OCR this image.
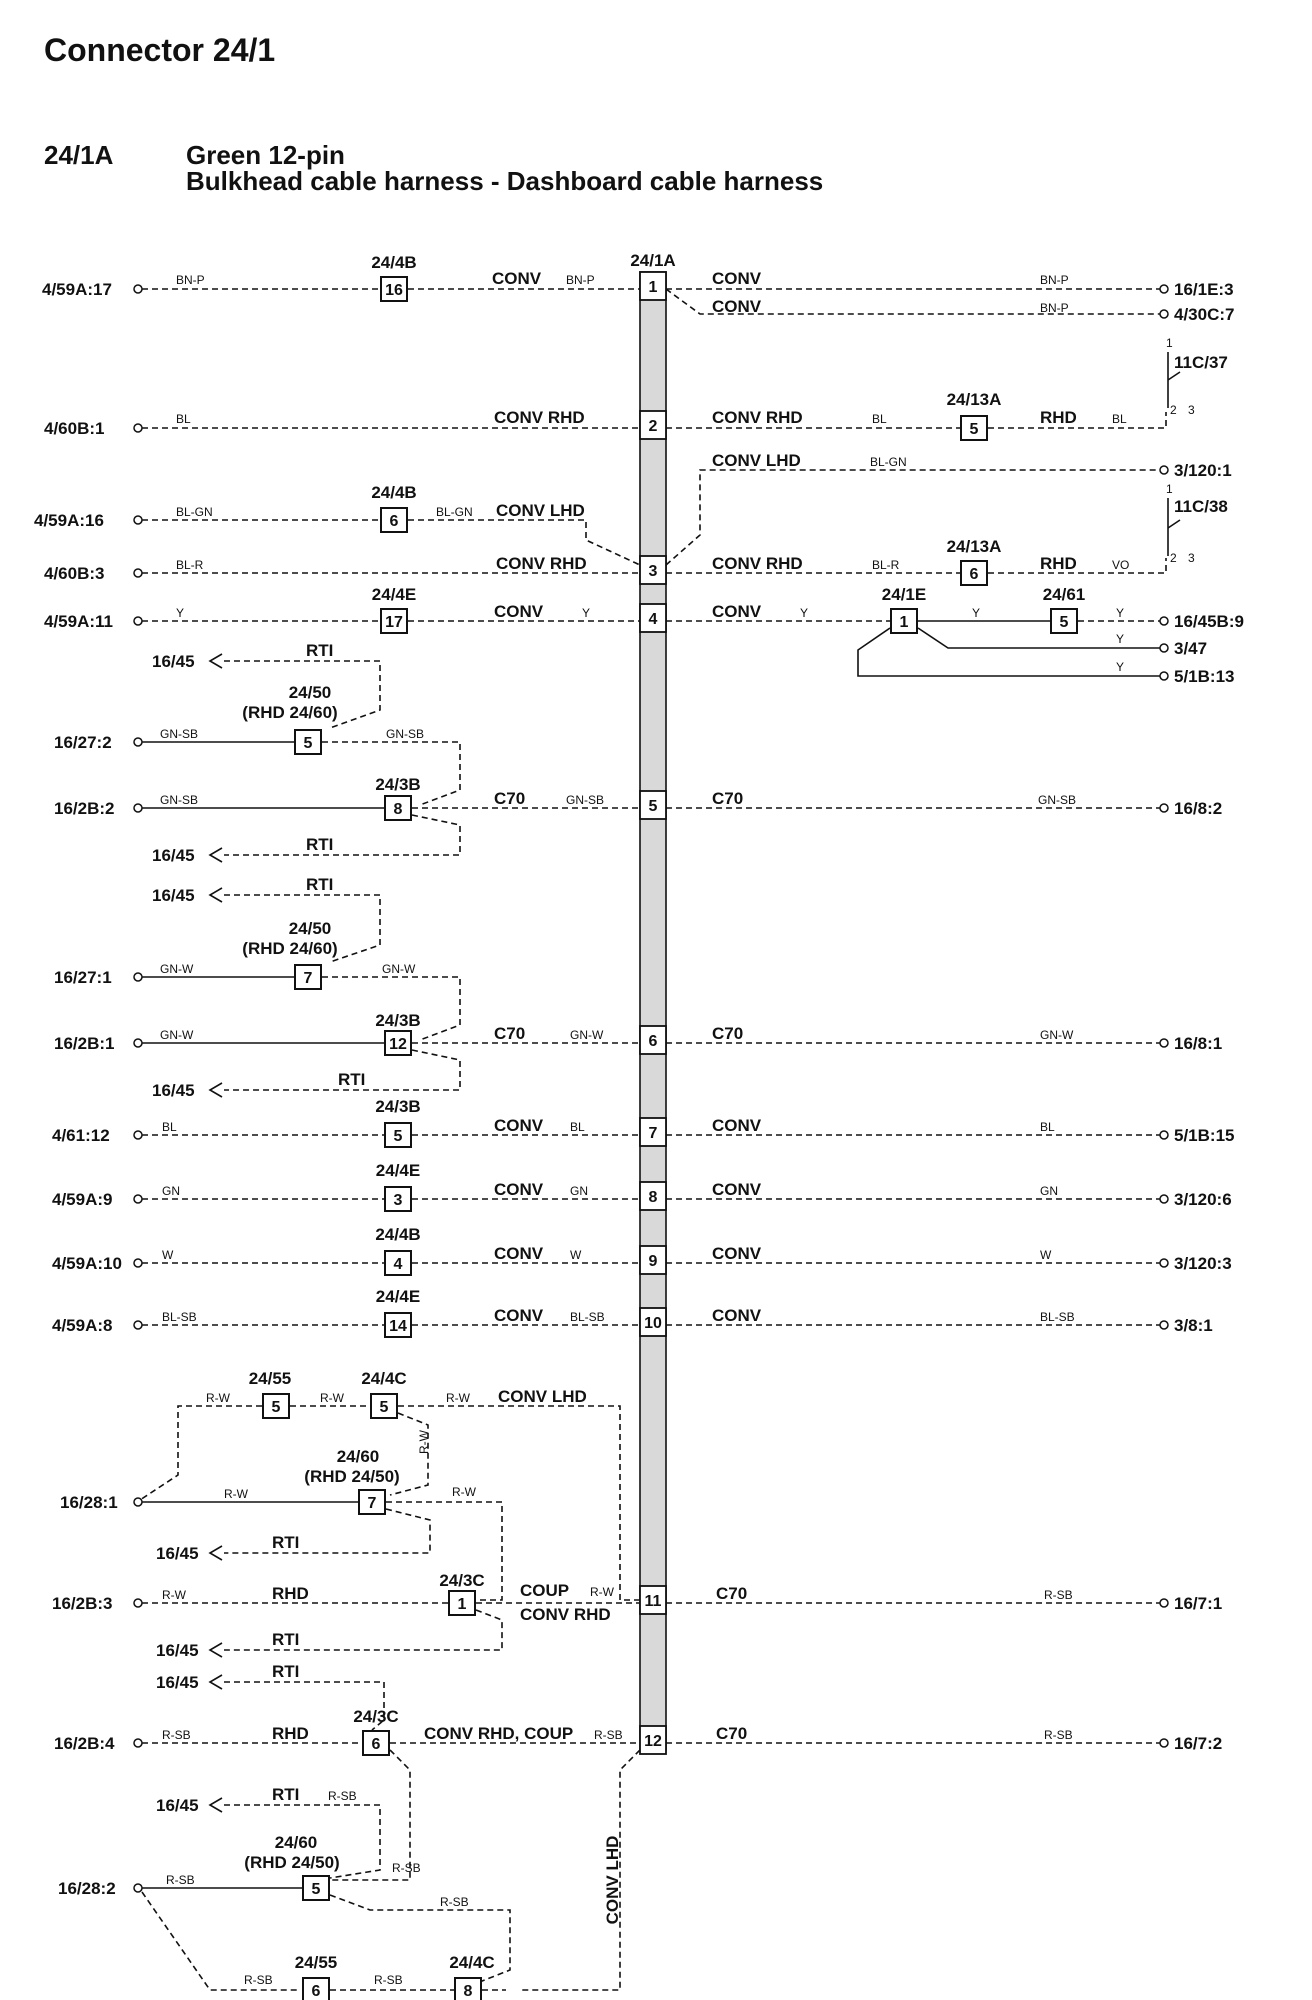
Connector 24/1
24/1A	Green 12-pin
Bulkhead cable harness - Dashboard cable harness
1
2
3
4
5
6
7
8
9
10
11
12
24/1A
4/59A:17	BN-P
16
24/4B
CONV BN-P	16/1E:3
CONV	BN-P
4/30C:7
CONV	BN-P
11C/37
1
2 3
4/60B:1	BL	CONV RHD	CONV RHD	BL
5
24/13A
RHD	BL
3/120:1
CONV LHD	BL-GN
4/59A:16	BL-GN
6
24/4B
BL-GN CONV LHD	11C/38
1
2 3
4/60B:3	BL-R	CONV RHD	CONV RHD	BL-R
6
24/13A
RHD	VO
4/59A:11	Y
17
24/4E
CONV	Y	CONV	Y
1
24/1E
Y
5
24/61
16/45B:9
Y
3/47
Y
5/1B:13
Y
16/45
RTI
24/50
(RHD 24/60)
16/27:2	GN-SB
5
GN-SB
24/3B
16/2B:2	GN-SB
8
C70	GN-SB	16/8:2
C70	GN-SB
16/45
RTI
16/45
RTI
24/50
(RHD 24/60)
16/27:1	GN-W
7
GN-W
24/3B
16/2B:1	GN-W
12
C70	GN-W	16/8:1
C70	GN-W
16/45
RTI
4/61:12	BL
5
24/3B
CONV BL	5/1B:15
CONV	BL
4/59A:9	GN
3
24/4E
CONV GN	3/120:6
CONV	GN
4/59A:10	W
4
24/4B
CONV W	3/120:3
CONV	W
4/59A:8	BL-SB
14
24/4E
CONV BL-SB	3/8:1
CONV	BL-SB
24/55	24/4C
5	5
R-W	R-W	R-W CONV LHD
R-W
24/60
(RHD 24/50)
16/28:1	R-W
7
R-W
16/45
RTI
24/3C
16/2B:3	R-W	RHD
1
COUP R-W
CONV RHD
16/7:1
C70	R-SB
16/45
RTI
16/45
RTI
24/3C
16/2B:4	R-SB	RHD
6
CONV RHD, COUP R-SB	16/7:2
C70	R-SB
CONV LHD
16/45
RTI R-SB
24/60
(RHD 24/50)
16/28:2	R-SB
5
R-SB
R-SB
R-SB
6
24/55
R-SB
8
24/4C
